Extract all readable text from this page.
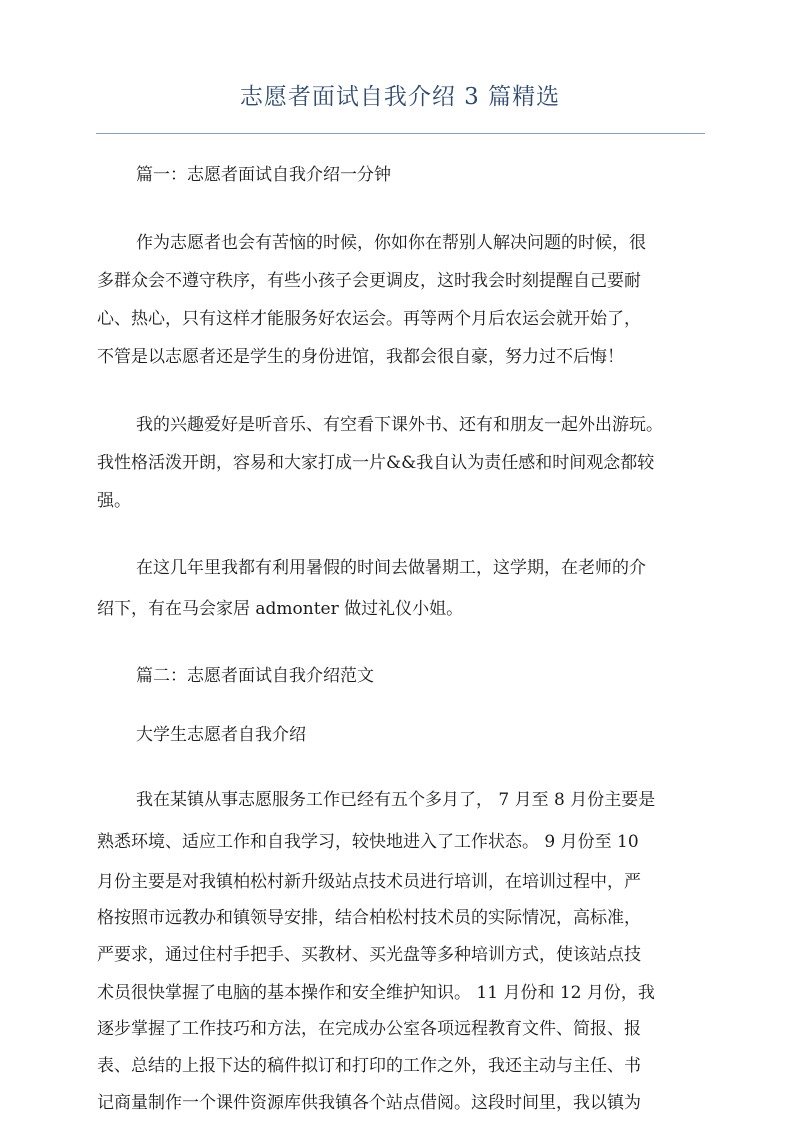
志愿者面试自我介绍 3 篇精选
篇一：志愿者面试自我介绍一分钟
作为志愿者也会有苦恼的时候，你如你在帮别人解决问题的时候，很
多群众会不遵守秩序，有些小孩子会更调皮，这时我会时刻提醒自己要耐
心、热心，只有这样才能服务好农运会。再等两个月后农运会就开始了，
不管是以志愿者还是学生的身份进馆，我都会很自豪，努力过不后悔！
我的兴趣爱好是听音乐、有空看下课外书、还有和朋友一起外出游玩。
我性格活泼开朗，容易和大家打成一片&&我自认为责任感和时间观念都较
强。
在这几年里我都有利用暑假的时间去做暑期工，这学期，在老师的介
绍下，有在马会家居 admonter 做过礼仪小姐。
篇二：志愿者面试自我介绍范文
大学生志愿者自我介绍
我在某镇从事志愿服务工作已经有五个多月了， 7 月至 8 月份主要是
熟悉环境、适应工作和自我学习，较快地进入了工作状态。 9 月份至 10
月份主要是对我镇柏松村新升级站点技术员进行培训，在培训过程中，严
格按照市远教办和镇领导安排，结合柏松村技术员的实际情况，高标准，
严要求，通过住村手把手、买教材、买光盘等多种培训方式，使该站点技
术员很快掌握了电脑的基本操作和安全维护知识。 11 月份和 12 月份，我
逐步掌握了工作技巧和方法，在完成办公室各项远程教育文件、简报、报
表、总结的上报下达的稿件拟订和打印的工作之外，我还主动与主任、书
记商量制作一个课件资源库供我镇各个站点借阅。这段时间里，我以镇为
